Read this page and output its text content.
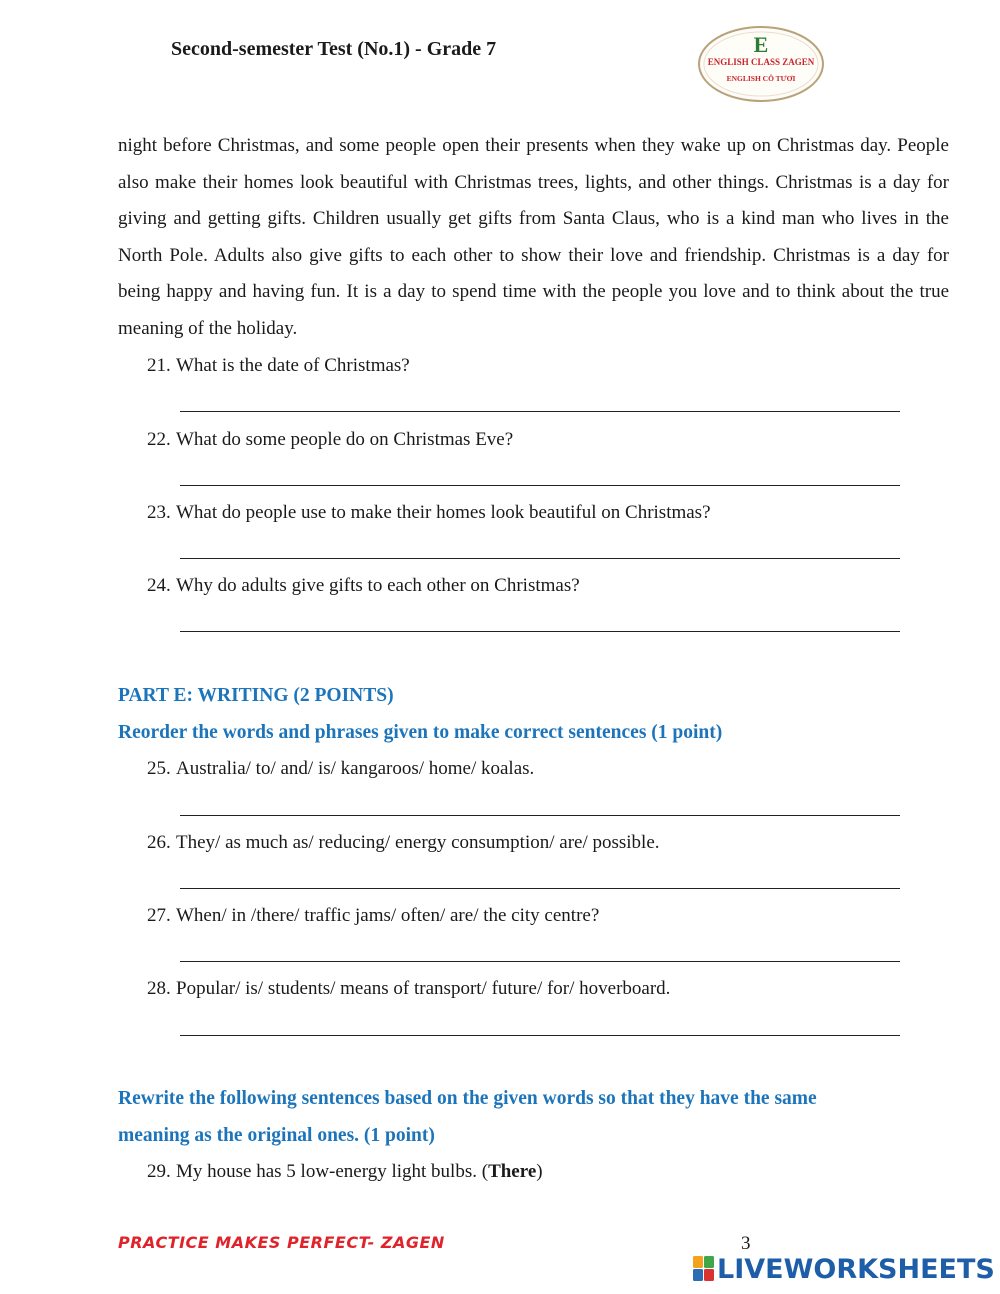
Second-semester Test (No.1) - Grade 7	E
ENGLISH CLASS ZAGEN
ENGLISH CÔ TƯƠI
night before Christmas, and some people open their presents when they wake up on Christmas day. People also make their homes look beautiful with Christmas trees, lights, and other things. Christmas is a day for giving and getting gifts. Children usually get gifts from Santa Claus, who is a kind man who lives in the North Pole. Adults also give gifts to each other to show their love and friendship. Christmas is a day for being happy and having fun. It is a day to spend time with the people you love and to think about the true meaning of the holiday.
21. What is the date of Christmas?
22. What do some people do on Christmas Eve?
23. What do people use to make their homes look beautiful on Christmas?
24. Why do adults give gifts to each other on Christmas?
PART E: WRITING (2 POINTS)
Reorder the words and phrases given to make correct sentences (1 point)
25. Australia/ to/ and/ is/ kangaroos/ home/ koalas.
26. They/ as much as/ reducing/ energy consumption/ are/ possible.
27. When/ in /there/ traffic jams/ often/ are/ the city centre?
28. Popular/ is/ students/ means of transport/ future/ for/ hoverboard.
Rewrite the following sentences based on the given words so that they have the same
meaning as the original ones. (1 point)
29. My house has 5 low-energy light bulbs. (There)
PRACTICE MAKES PERFECT- ZAGEN	3
LIVEWORKSHEETS
